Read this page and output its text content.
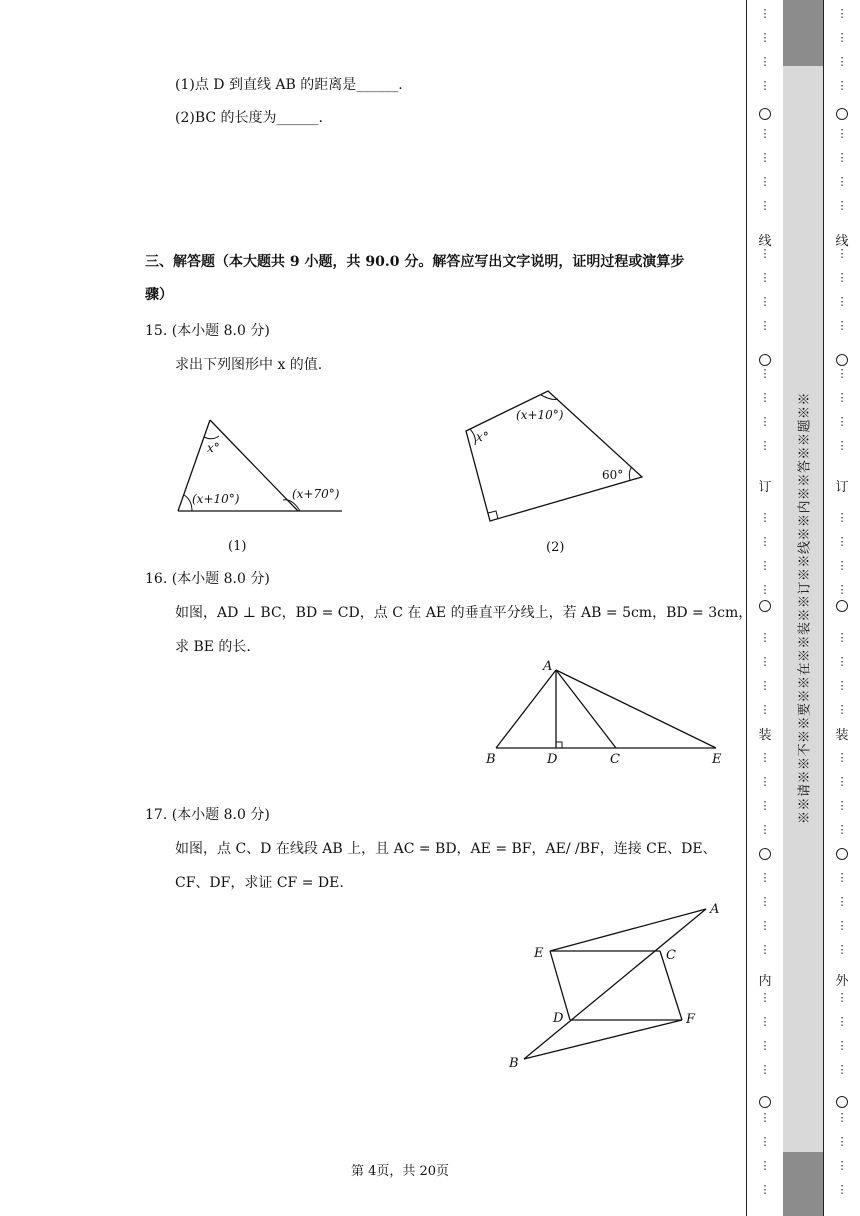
(1)点 D 到直线 AB 的距离是______.
(2)BC 的长度为______.
三、解答题（本大题共 9 小题，共 90.0 分。解答应写出文字说明，证明过程或演算步
骤）
15. (本小题 8.0 分)
求出下列图形中 x 的值.
x°
(x+10°)	(x+70°)
(1)
x°
(x+10°)
60°
(2)
16. (本小题 8.0 分)
如图，AD ⊥ BC，BD = CD，点 C 在 AE 的垂直平分线上，若 AB = 5cm，BD = 3cm，
求 BE 的长.
A
B	D	C	E
17. (本小题 8.0 分)
如图，点 C、D 在线段 AB 上，且 AC = BD，AE = BF，AE/ /BF，连接 CE、DE、
CF、DF，求证 CF = DE.
A
E	C
D	F
B
第 4页，共 20页
线
订
装
内
⋮
⋮
⋮
⋮
⋮
⋮
⋮
⋮
⋮
⋮
⋮
⋮
⋮
⋮
⋮
⋮
⋮
⋮
⋮
⋮
⋮
⋮
⋮
⋮
⋮
⋮
⋮
⋮
⋮
⋮
⋮
⋮
⋮
⋮
⋮
⋮
⋮
⋮
⋮
⋮
※※请※※不※※要※※在※※装※※订※※线※※内※※答※※题※※
线
订
装
外
⋮
⋮
⋮
⋮
⋮
⋮
⋮
⋮
⋮
⋮
⋮
⋮
⋮
⋮
⋮
⋮
⋮
⋮
⋮
⋮
⋮
⋮
⋮
⋮
⋮
⋮
⋮
⋮
⋮
⋮
⋮
⋮
⋮
⋮
⋮
⋮
⋮
⋮
⋮
⋮
